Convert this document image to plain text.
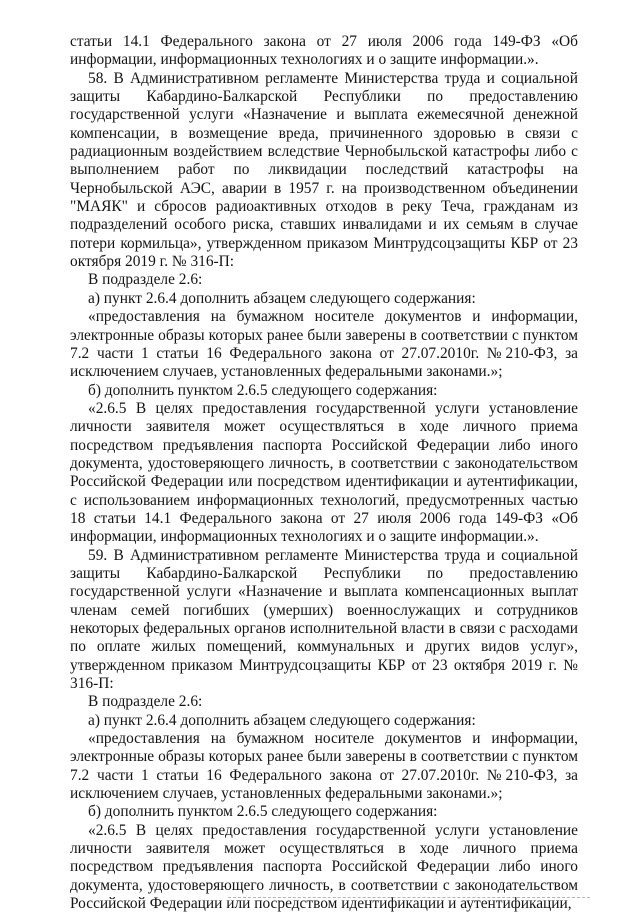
статьи 14.1 Федерального закона от 27 июля 2006 года 149-ФЗ «Об информации, информационных технологиях и о защите информации.».

58. В Административном регламенте Министерства труда и социальной защиты Кабардино-Балкарской Республики по предоставлению государственной услуги «Назначение и выплата ежемесячной денежной компенсации, в возмещение вреда, причиненного здоровью в связи с радиационным воздействием вследствие Чернобыльской катастрофы либо с выполнением работ по ликвидации последствий катастрофы на Чернобыльской АЭС, аварии в 1957 г. на производственном объединении "МАЯК" и сбросов радиоактивных отходов в реку Теча, гражданам из подразделений особого риска, ставших инвалидами и их семьям в случае потери кормильца», утвержденном приказом Минтрудсоцзащиты КБР от 23 октября 2019 г. № 316-П:

В подразделе 2.6:

а) пункт 2.6.4 дополнить абзацем следующего содержания:

«предоставления на бумажном носителе документов и информации, электронные образы которых ранее были заверены в соответствии с пунктом 7.2 части 1 статьи 16 Федерального закона от 27.07.2010г. №210-ФЗ, за исключением случаев, установленных федеральными законами.»;

б) дополнить пунктом 2.6.5 следующего содержания:

«2.6.5 В целях предоставления государственной услуги установление личности заявителя может осуществляться в ходе личного приема посредством предъявления паспорта Российской Федерации либо иного документа, удостоверяющего личность, в соответствии с законодательством Российской Федерации или посредством идентификации и аутентификации, с использованием информационных технологий, предусмотренных частью 18 статьи 14.1 Федерального закона от 27 июля 2006 года 149-ФЗ «Об информации, информационных технологиях и о защите информации.».

59. В Административном регламенте Министерства труда и социальной защиты Кабардино-Балкарской Республики по предоставлению государственной услуги «Назначение и выплата компенсационных выплат членам семей погибших (умерших) военнослужащих и сотрудников некоторых федеральных органов исполнительной власти в связи с расходами по оплате жилых помещений, коммунальных и других видов услуг», утвержденном приказом Минтрудсоцзащиты КБР от 23 октября 2019 г. № 316-П:

В подразделе 2.6:

а) пункт 2.6.4 дополнить абзацем следующего содержания:

«предоставления на бумажном носителе документов и информации, электронные образы которых ранее были заверены в соответствии с пунктом 7.2 части 1 статьи 16 Федерального закона от 27.07.2010г. №210-ФЗ, за исключением случаев, установленных федеральными законами.»;

б) дополнить пунктом 2.6.5 следующего содержания:

«2.6.5 В целях предоставления государственной услуги установление личности заявителя может осуществляться в ходе личного приема посредством предъявления паспорта Российской Федерации либо иного документа, удостоверяющего личность, в соответствии с законодательством Российской Федерации или посредством идентификации и аутентификации,
